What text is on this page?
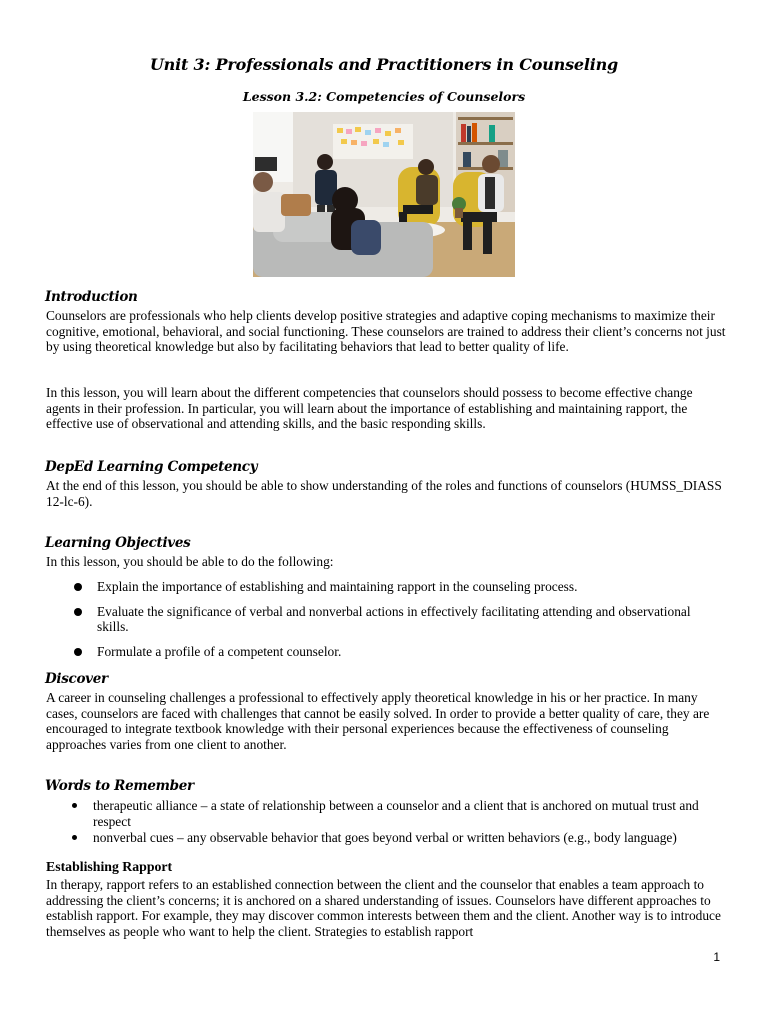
Unit 3: Professionals and Practitioners in Counseling
Lesson 3.2: Competencies of Counselors
Introduction
Counselors are professionals who help clients develop positive strategies and adaptive coping mechanisms to maximize their cognitive, emotional, behavioral, and social functioning. These counselors are trained to address their client’s concerns not just by using theoretical knowledge but also by facilitating behaviors that lead to better quality of life.
In this lesson, you will learn about the different competencies that counselors should possess to become effective change agents in their profession. In particular, you will learn about the importance of establishing and maintaining rapport, the effective use of observational and attending skills, and the basic responding skills.
DepEd Learning Competency
At the end of this lesson, you should be able to show understanding of the roles and functions of counselors (HUMSS_DIASS 12-lc-6).
Learning Objectives
In this lesson, you should be able to do the following:
Explain the importance of establishing and maintaining rapport in the counseling process.
Evaluate the significance of verbal and nonverbal actions in effectively facilitating attending and observational skills.
Formulate a profile of a competent counselor.
Discover
A career in counseling challenges a professional to effectively apply theoretical knowledge in his or her practice. In many cases, counselors are faced with challenges that cannot be easily solved. In order to provide a better quality of care, they are encouraged to integrate textbook knowledge with their personal experiences because the effectiveness of counseling approaches varies from one client to another.
Words to Remember
therapeutic alliance – a state of relationship between a counselor and a client that is anchored on mutual trust and respect
nonverbal cues – any observable behavior that goes beyond verbal or written behaviors (e.g., body language)
Establishing Rapport
In therapy, rapport refers to an established connection between the client and the counselor that enables a team approach to addressing the client’s concerns; it is anchored on a shared understanding of issues. Counselors have different approaches to establish rapport. For example, they may discover common interests between them and the client. Another way is to introduce themselves as people who want to help the client. Strategies to establish rapport
1
